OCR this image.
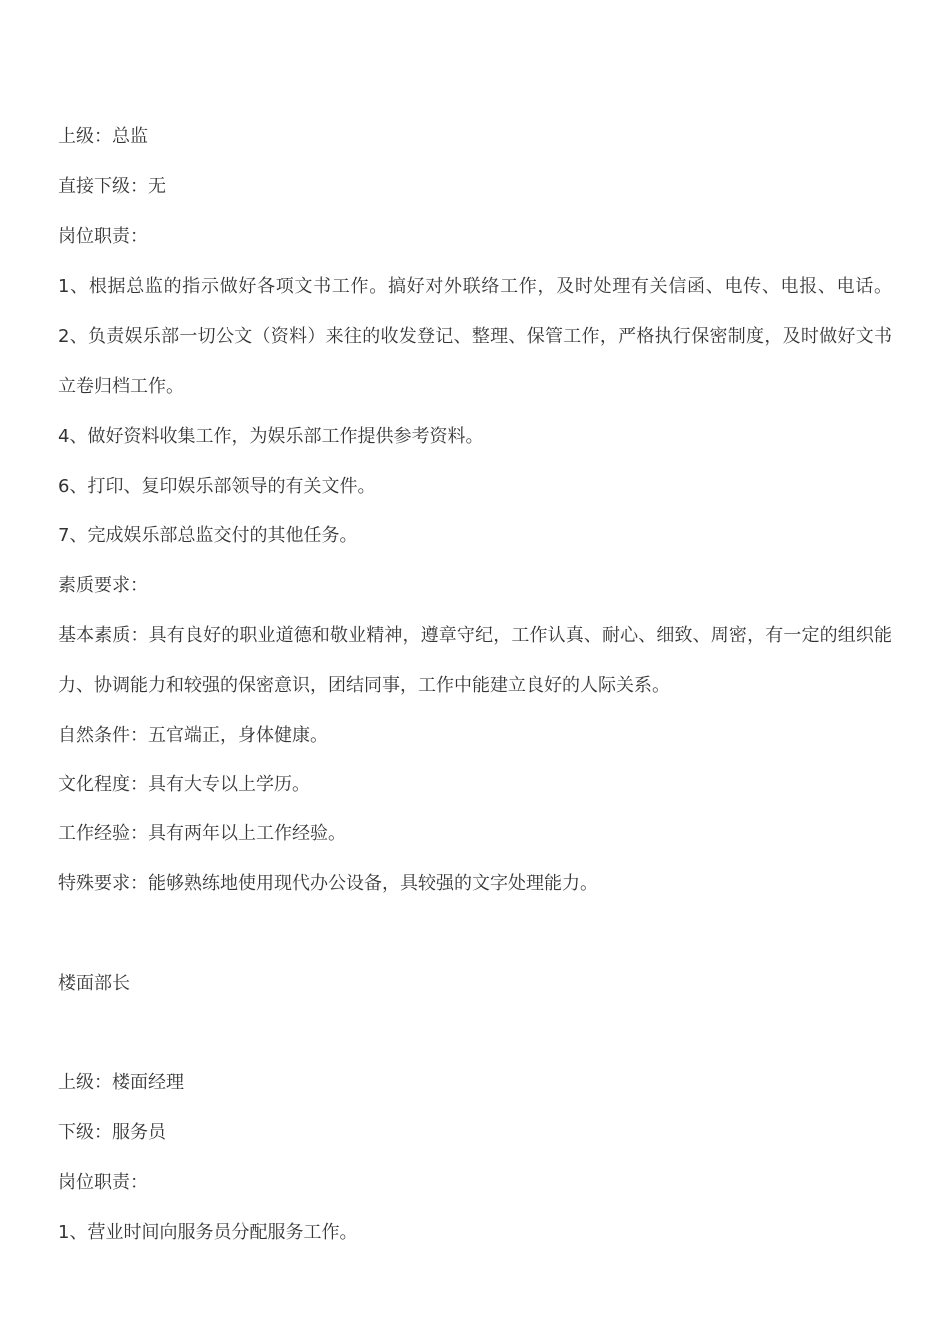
上级：总监
直接下级：无
岗位职责：
1、根据总监的指示做好各项文书工作。搞好对外联络工作，及时处理有关信函、电传、电报、电话。
2、负责娱乐部一切公文（资料）来往的收发登记、整理、保管工作，严格执行保密制度，及时做好文书
立卷归档工作。
4、做好资料收集工作，为娱乐部工作提供参考资料。
6、打印、复印娱乐部领导的有关文件。
7、完成娱乐部总监交付的其他任务。
素质要求：
基本素质：具有良好的职业道德和敬业精神，遵章守纪，工作认真、耐心、细致、周密，有一定的组织能
力、协调能力和较强的保密意识，团结同事，工作中能建立良好的人际关系。
自然条件：五官端正，身体健康。
文化程度：具有大专以上学历。
工作经验：具有两年以上工作经验。
特殊要求：能够熟练地使用现代办公设备，具较强的文字处理能力。
楼面部长
上级：楼面经理
下级：服务员
岗位职责：
1、营业时间向服务员分配服务工作。
